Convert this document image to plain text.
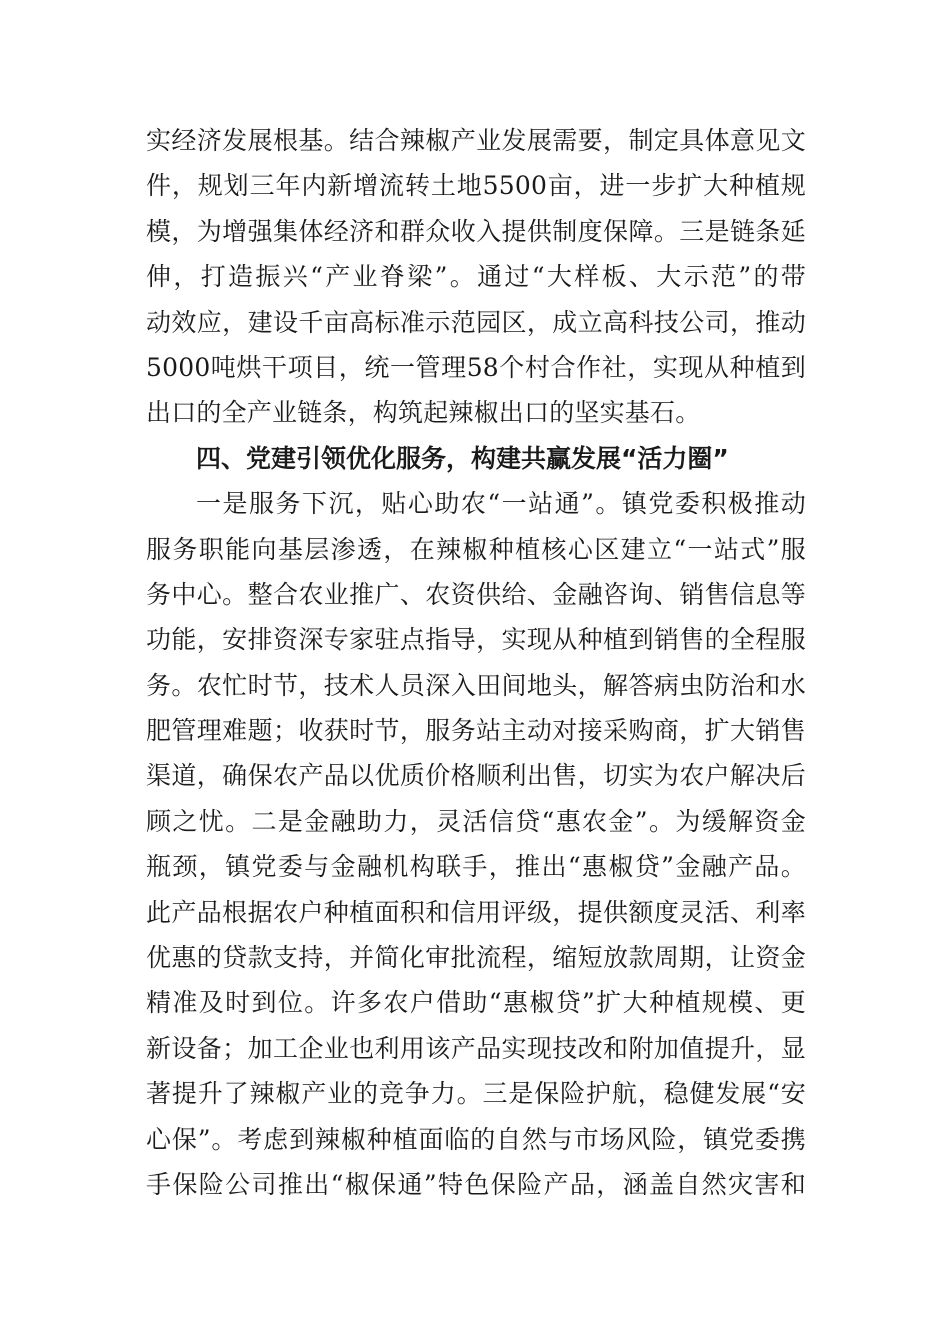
实经济发展根基。结合辣椒产业发展需要，制定具体意见文
件，规划三年内新增流转土地5500亩，进一步扩大种植规
模，为增强集体经济和群众收入提供制度保障。三是链条延
伸，打造振兴“产业脊梁”。通过“大样板、大示范”的带
动效应，建设千亩高标准示范园区，成立高科技公司，推动
5000吨烘干项目，统一管理58个村合作社，实现从种植到
出口的全产业链条，构筑起辣椒出口的坚实基石。
四、党建引领优化服务，构建共赢发展“活力圈”
一是服务下沉，贴心助农“一站通”。镇党委积极推动
服务职能向基层渗透，在辣椒种植核心区建立“一站式”服
务中心。整合农业推广、农资供给、金融咨询、销售信息等
功能，安排资深专家驻点指导，实现从种植到销售的全程服
务。农忙时节，技术人员深入田间地头，解答病虫防治和水
肥管理难题；收获时节，服务站主动对接采购商，扩大销售
渠道，确保农产品以优质价格顺利出售，切实为农户解决后
顾之忧。二是金融助力，灵活信贷“惠农金”。为缓解资金
瓶颈，镇党委与金融机构联手，推出“惠椒贷”金融产品。
此产品根据农户种植面积和信用评级，提供额度灵活、利率
优惠的贷款支持，并简化审批流程，缩短放款周期，让资金
精准及时到位。许多农户借助“惠椒贷”扩大种植规模、更
新设备；加工企业也利用该产品实现技改和附加值提升，显
著提升了辣椒产业的竞争力。三是保险护航，稳健发展“安
心保”。考虑到辣椒种植面临的自然与市场风险，镇党委携
手保险公司推出“椒保通”特色保险产品，涵盖自然灾害和
